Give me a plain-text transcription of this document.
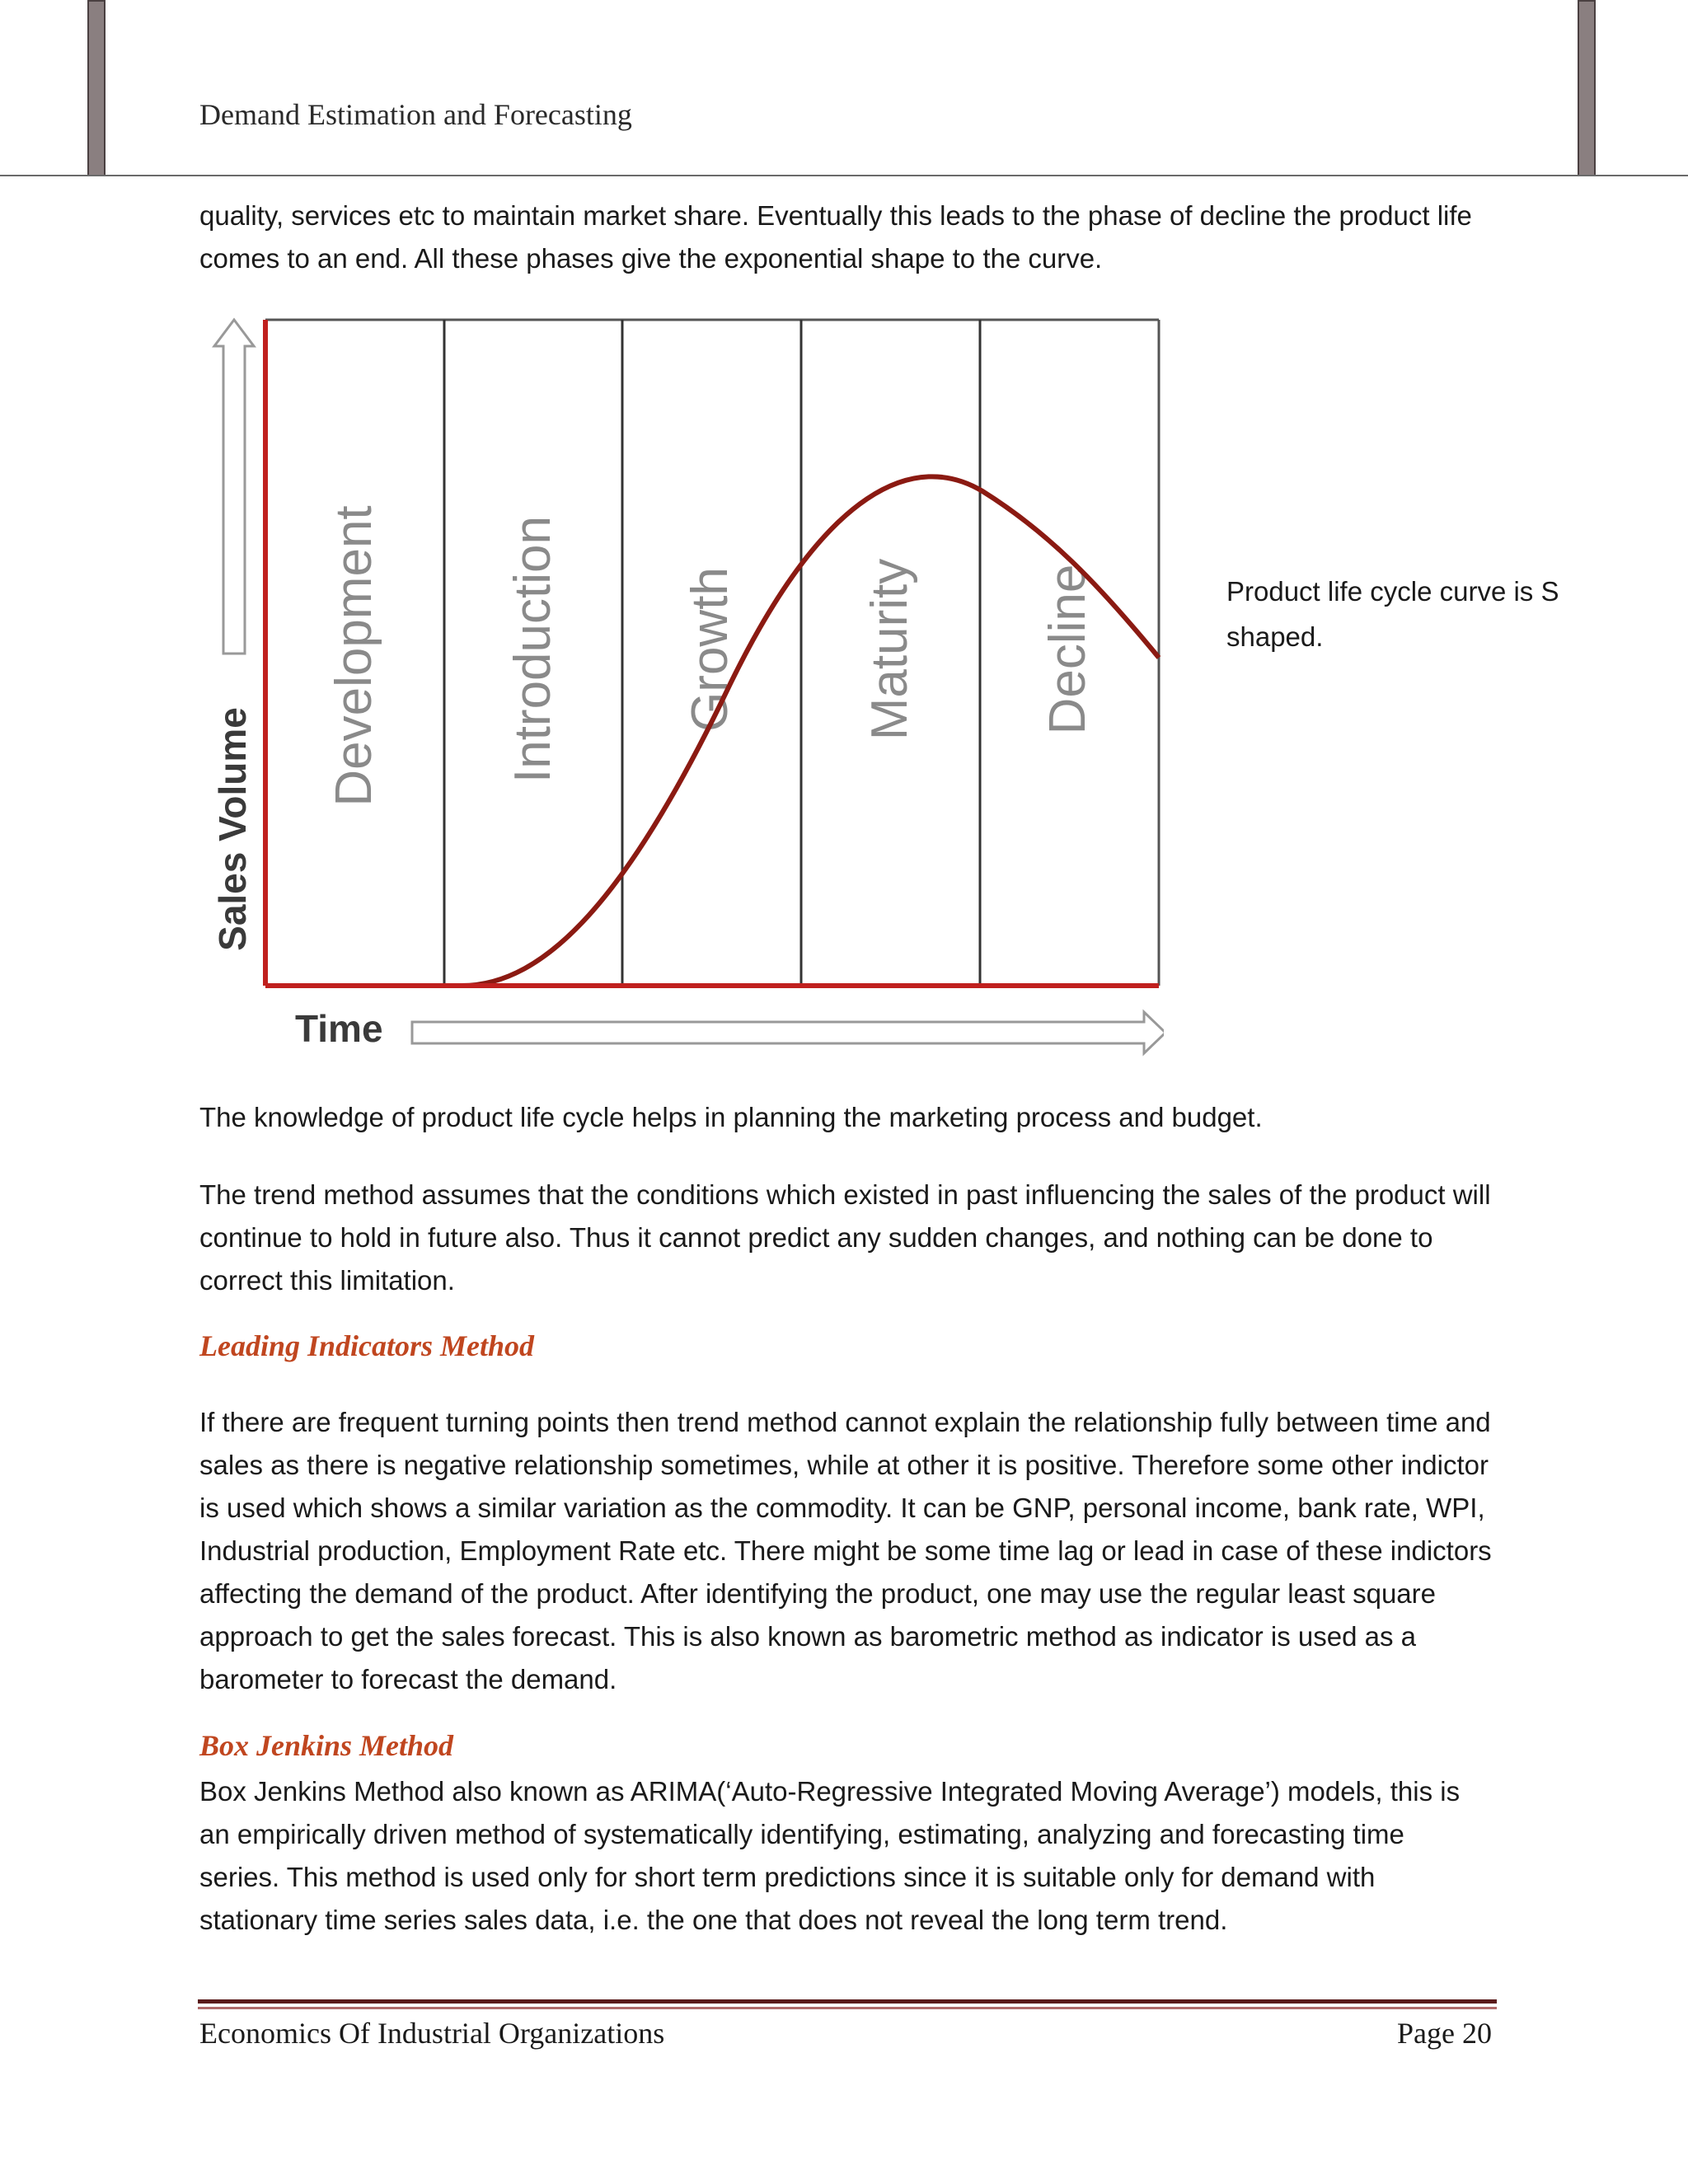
Demand Estimation and Forecasting

quality, services etc to maintain market share. Eventually this leads to the phase of decline the product life comes to an end. All these phases give the exponential shape to the curve.

Development Introduction Growth Maturity Decline
Sales Volume
Time

Product life cycle curve is S shaped.

The knowledge of product life cycle helps in planning the marketing process and budget.

The trend method assumes that the conditions which existed in past influencing the sales of the product will continue to hold in future also. Thus it cannot predict any sudden changes, and nothing can be done to correct this limitation.

Leading Indicators Method

If there are frequent turning points then trend method cannot explain the relationship fully between time and sales as there is negative relationship sometimes, while at other it is positive. Therefore some other indictor is used which shows a similar variation as the commodity. It can be GNP, personal income, bank rate, WPI, Industrial production, Employment Rate etc. There might be some time lag or lead in case of these indictors affecting the demand of the product. After identifying the product, one may use the regular least square approach to get the sales forecast. This is also known as barometric method as indicator is used as a barometer to forecast the demand.

Box Jenkins Method

Box Jenkins Method also known as ARIMA(‘Auto-Regressive Integrated Moving Average’) models, this is an empirically driven method of systematically identifying, estimating, analyzing and forecasting time series. This method is used only for short term predictions since it is suitable only for demand with stationary time series sales data, i.e. the one that does not reveal the long term trend.

Economics Of Industrial Organizations	Page 20
